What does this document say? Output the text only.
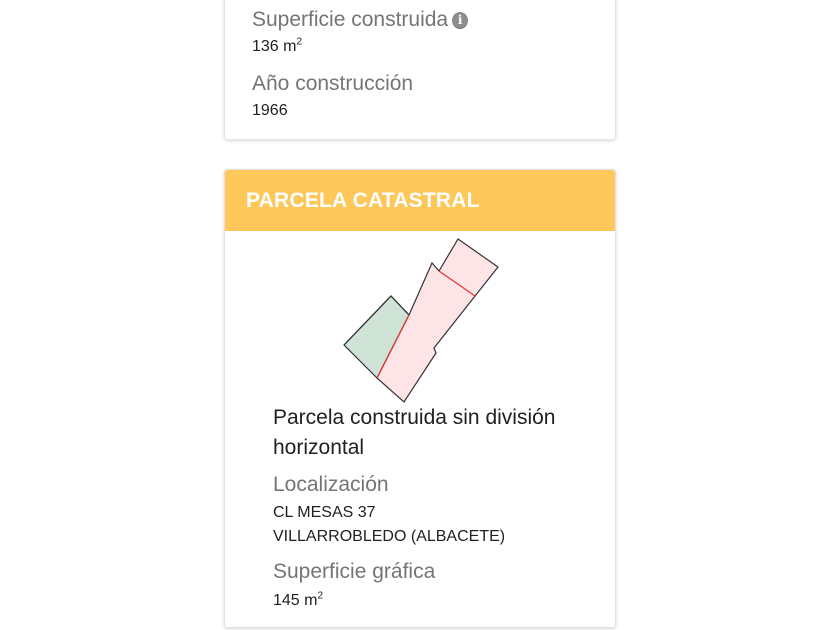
Superficie construida i
136 $m^2$
Año construcción
1966
PARCELA CATASTRAL
Parcela construida sin división horizontal
Localización
CL MESAS 37
VILLARROBLEDO (ALBACETE)
Superficie gráfica
145 $m^2$
